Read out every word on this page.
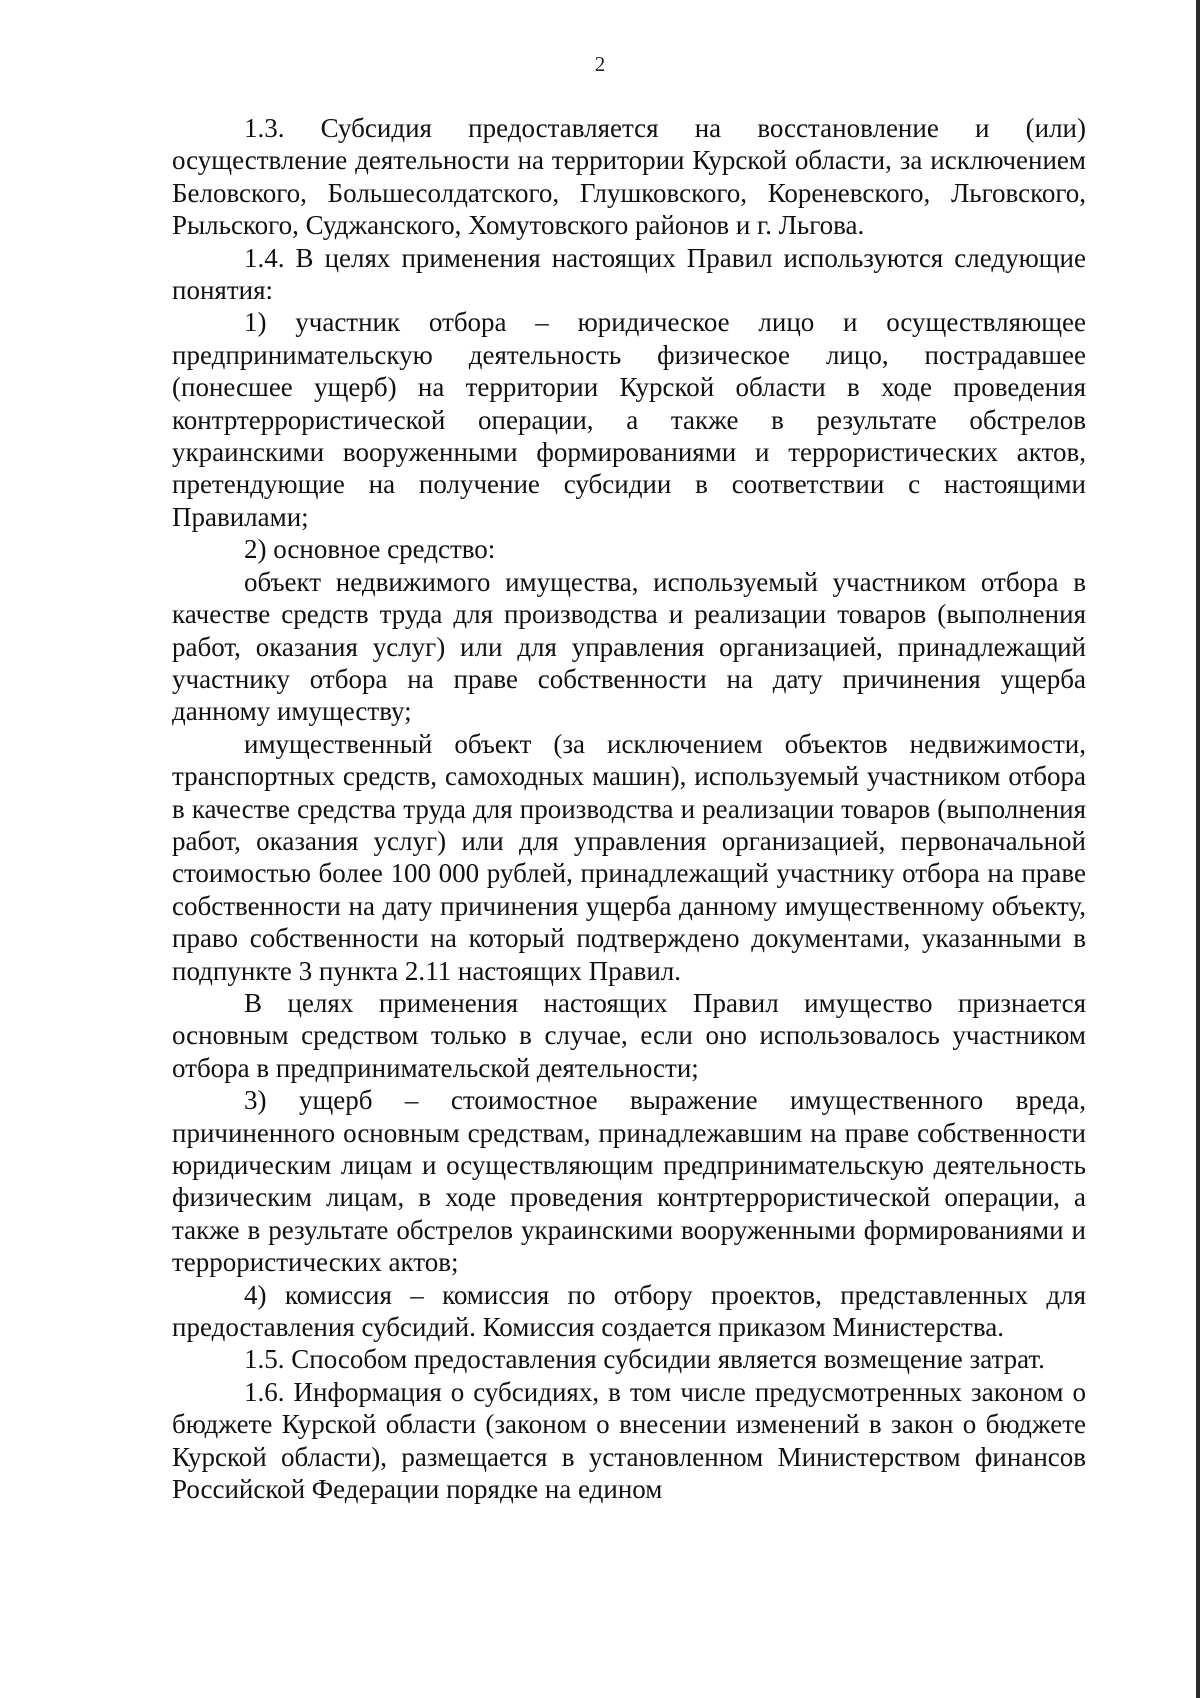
2

1.3. Субсидия предоставляется на восстановление и (или) осуществление деятельности на территории Курской области, за исключением Беловского, Большесолдатского, Глушковского, Кореневского, Льговского, Рыльского, Суджанского, Хомутовского районов и г. Льгова.

1.4. В целях применения настоящих Правил используются следующие понятия:

1) участник отбора – юридическое лицо и осуществляющее предпринимательскую деятельность физическое лицо, пострадавшее (понесшее ущерб) на территории Курской области в ходе проведения контртеррористической операции, а также в результате обстрелов украинскими вооруженными формированиями и террористических актов, претендующие на получение субсидии в соответствии с настоящими Правилами;

2) основное средство:

объект недвижимого имущества, используемый участником отбора в качестве средств труда для производства и реализации товаров (выполнения работ, оказания услуг) или для управления организацией, принадлежащий участнику отбора на праве собственности на дату причинения ущерба данному имуществу;

имущественный объект (за исключением объектов недвижимости, транспортных средств, самоходных машин), используемый участником отбора в качестве средства труда для производства и реализации товаров (выполнения работ, оказания услуг) или для управления организацией, первоначальной стоимостью более 100 000 рублей, принадлежащий участнику отбора на праве собственности на дату причинения ущерба данному имущественному объекту, право собственности на который подтверждено документами, указанными в подпункте 3 пункта 2.11 настоящих Правил.

В целях применения настоящих Правил имущество признается основным средством только в случае, если оно использовалось участником отбора в предпринимательской деятельности;

3) ущерб – стоимостное выражение имущественного вреда, причиненного основным средствам, принадлежавшим на праве собственности юридическим лицам и осуществляющим предпринимательскую деятельность физическим лицам, в ходе проведения контртеррористической операции, а также в результате обстрелов украинскими вооруженными формированиями и террористических актов;

4) комиссия – комиссия по отбору проектов, представленных для предоставления субсидий. Комиссия создается приказом Министерства.

1.5. Способом предоставления субсидии является возмещение затрат.

1.6. Информация о субсидиях, в том числе предусмотренных законом о бюджете Курской области (законом о внесении изменений в закон о бюджете Курской области), размещается в установленном Министерством финансов Российской Федерации порядке на едином
